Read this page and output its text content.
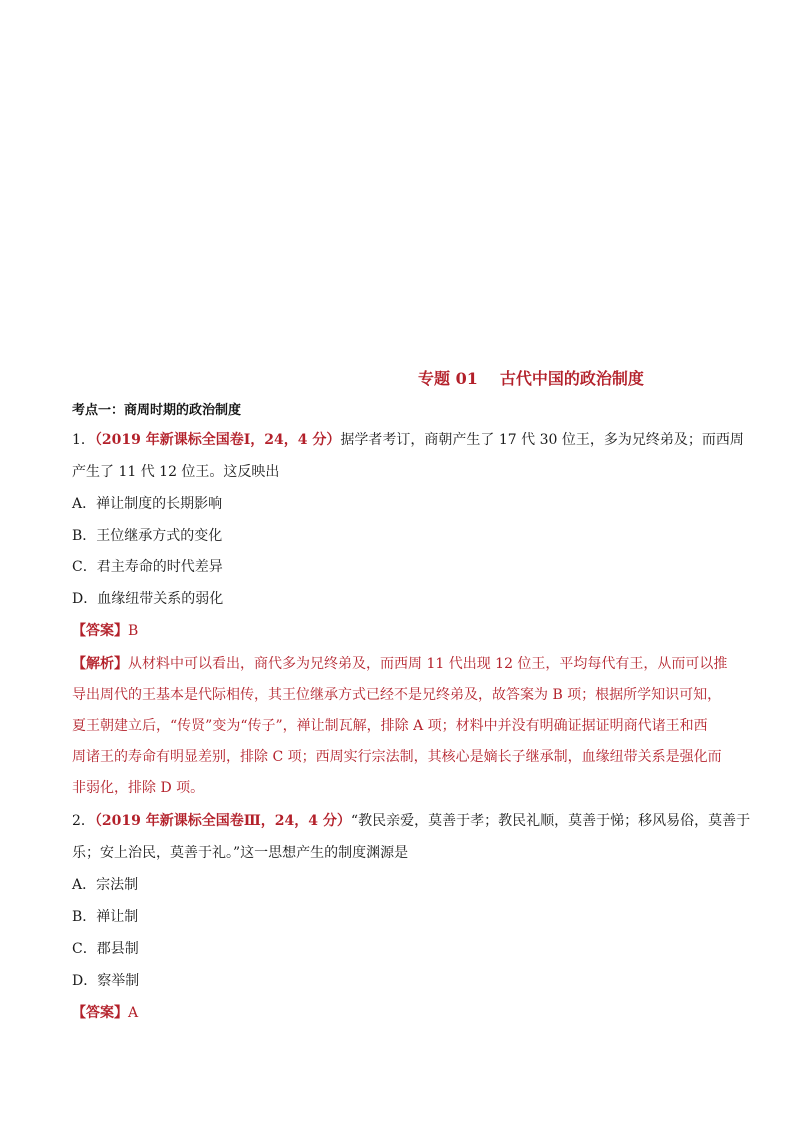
专题 01 古代中国的政治制度
考点一：商周时期的政治制度
1．（2019 年新课标全国卷Ⅰ，24，4 分）据学者考订，商朝产生了 17 代 30 位王，多为兄终弟及；而西周
产生了 11 代 12 位王。这反映出
A．禅让制度的长期影响
B．王位继承方式的变化
C．君主寿命的时代差异
D．血缘纽带关系的弱化
【答案】B
【解析】从材料中可以看出，商代多为兄终弟及，而西周 11 代出现 12 位王，平均每代有王，从而可以推
导出周代的王基本是代际相传，其王位继承方式已经不是兄终弟及，故答案为 B 项；根据所学知识可知，
夏王朝建立后，“传贤”变为“传子”，禅让制瓦解，排除 A 项；材料中并没有明确证据证明商代诸王和西
周诸王的寿命有明显差别，排除 C 项；西周实行宗法制，其核心是嫡长子继承制，血缘纽带关系是强化而
非弱化，排除 D 项。
2．（2019 年新课标全国卷Ⅲ，24，4 分）“教民亲爱，莫善于孝；教民礼顺，莫善于悌；移风易俗，莫善于
乐；安上治民，莫善于礼。”这一思想产生的制度渊源是
A．宗法制
B．禅让制
C．郡县制
D．察举制
【答案】A
